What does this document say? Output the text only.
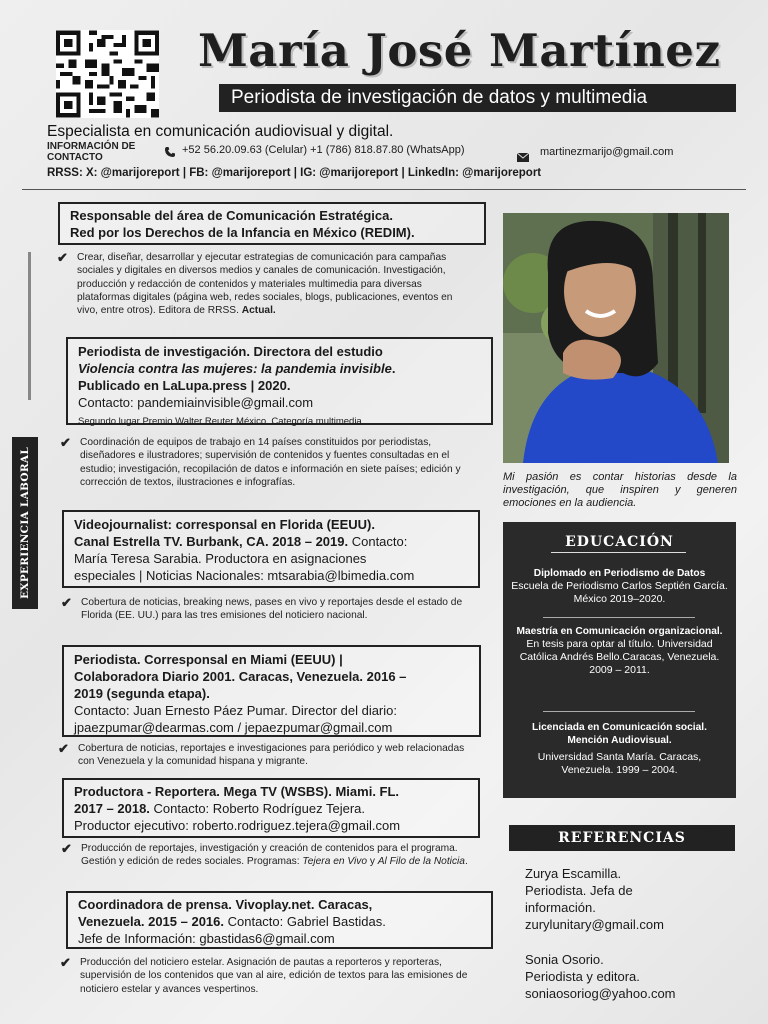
María José Martínez
Periodista de investigación de datos y multimedia
Especialista en comunicación audiovisual y digital.
INFORMACIÓN DE CONTACTO
+52 56.20.09.63 (Celular) +1 (786) 818.87.80 (WhatsApp)	martinezmarijo@gmail.com
RRSS: X: @marijoreport | FB: @marijoreport | IG: @marijoreport | LinkedIn: @marijoreport
EXPERIENCIA LABORAL
Responsable del área de Comunicación Estratégica.
Red por los Derechos de la Infancia en México (REDIM).
✔ Crear, diseñar, desarrollar y ejecutar estrategias de comunicación para campañas sociales y digitales en diversos medios y canales de comunicación. Investigación, producción y redacción de contenidos y materiales multimedia para diversas plataformas digitales (página web, redes sociales, blogs, publicaciones, eventos en vivo, entre otros). Editora de RRSS. Actual.
Periodista de investigación. Directora del estudio
Violencia contra las mujeres: la pandemia invisible.
Publicado en LaLupa.press | 2020.
Contacto: pandemiainvisible@gmail.com
Segundo lugar Premio Walter Reuter México. Categoría multimedia.
✔ Coordinación de equipos de trabajo en 14 países constituidos por periodistas, diseñadores e ilustradores; supervisión de contenidos y fuentes consultadas en el estudio; investigación, recopilación de datos e información en siete países; edición y corrección de textos, ilustraciones e infografías.
Videojournalist: corresponsal en Florida (EEUU).
Canal Estrella TV. Burbank, CA. 2018 – 2019. Contacto:
María Teresa Sarabia. Productora en asignaciones
especiales | Noticias Nacionales: mtsarabia@lbimedia.com
✔ Cobertura de noticias, breaking news, pases en vivo y reportajes desde el estado de Florida (EE. UU.) para las tres emisiones del noticiero nacional.
Periodista. Corresponsal en Miami (EEUU) |
Colaboradora Diario 2001. Caracas, Venezuela. 2016 –
2019 (segunda etapa).
Contacto: Juan Ernesto Páez Pumar. Director del diario:
jpaezpumar@dearmas.com / jepaezpumar@gmail.com
✔ Cobertura de noticias, reportajes e investigaciones para periódico y web relacionadas con Venezuela y la comunidad hispana y migrante.
Productora - Reportera. Mega TV (WSBS). Miami. FL.
2017 – 2018. Contacto: Roberto Rodríguez Tejera.
Productor ejecutivo: roberto.rodriguez.tejera@gmail.com
✔ Producción de reportajes, investigación y creación de contenidos para el programa. Gestión y edición de redes sociales. Programas: Tejera en Vivo y Al Filo de la Noticia.
Coordinadora de prensa. Vivoplay.net. Caracas,
Venezuela. 2015 – 2016. Contacto: Gabriel Bastidas.
Jefe de Información: gbastidas6@gmail.com
✔ Producción del noticiero estelar. Asignación de pautas a reporteros y reporteras, supervisión de los contenidos que van al aire, edición de textos para las emisiones de noticiero estelar y avances vespertinos.
Mi pasión es contar historias desde la investigación, que inspiren y generen emociones en la audiencia.
EDUCACIÓN
Diplomado en Periodismo de Datos
Escuela de Periodismo Carlos Septién García. México 2019–2020.
Maestría en Comunicación organizacional.
En tesis para optar al título. Universidad Católica Andrés Bello.Caracas, Venezuela. 2009 – 2011.
Licenciada en Comunicación social. Mención Audiovisual.

Universidad Santa María. Caracas, Venezuela. 1999 – 2004.
REFERENCIAS
Zurya Escamilla.
Periodista. Jefa de
información.
zurylunitary@gmail.com
Sonia Osorio.
Periodista y editora.
soniaosoriog@yahoo.com
